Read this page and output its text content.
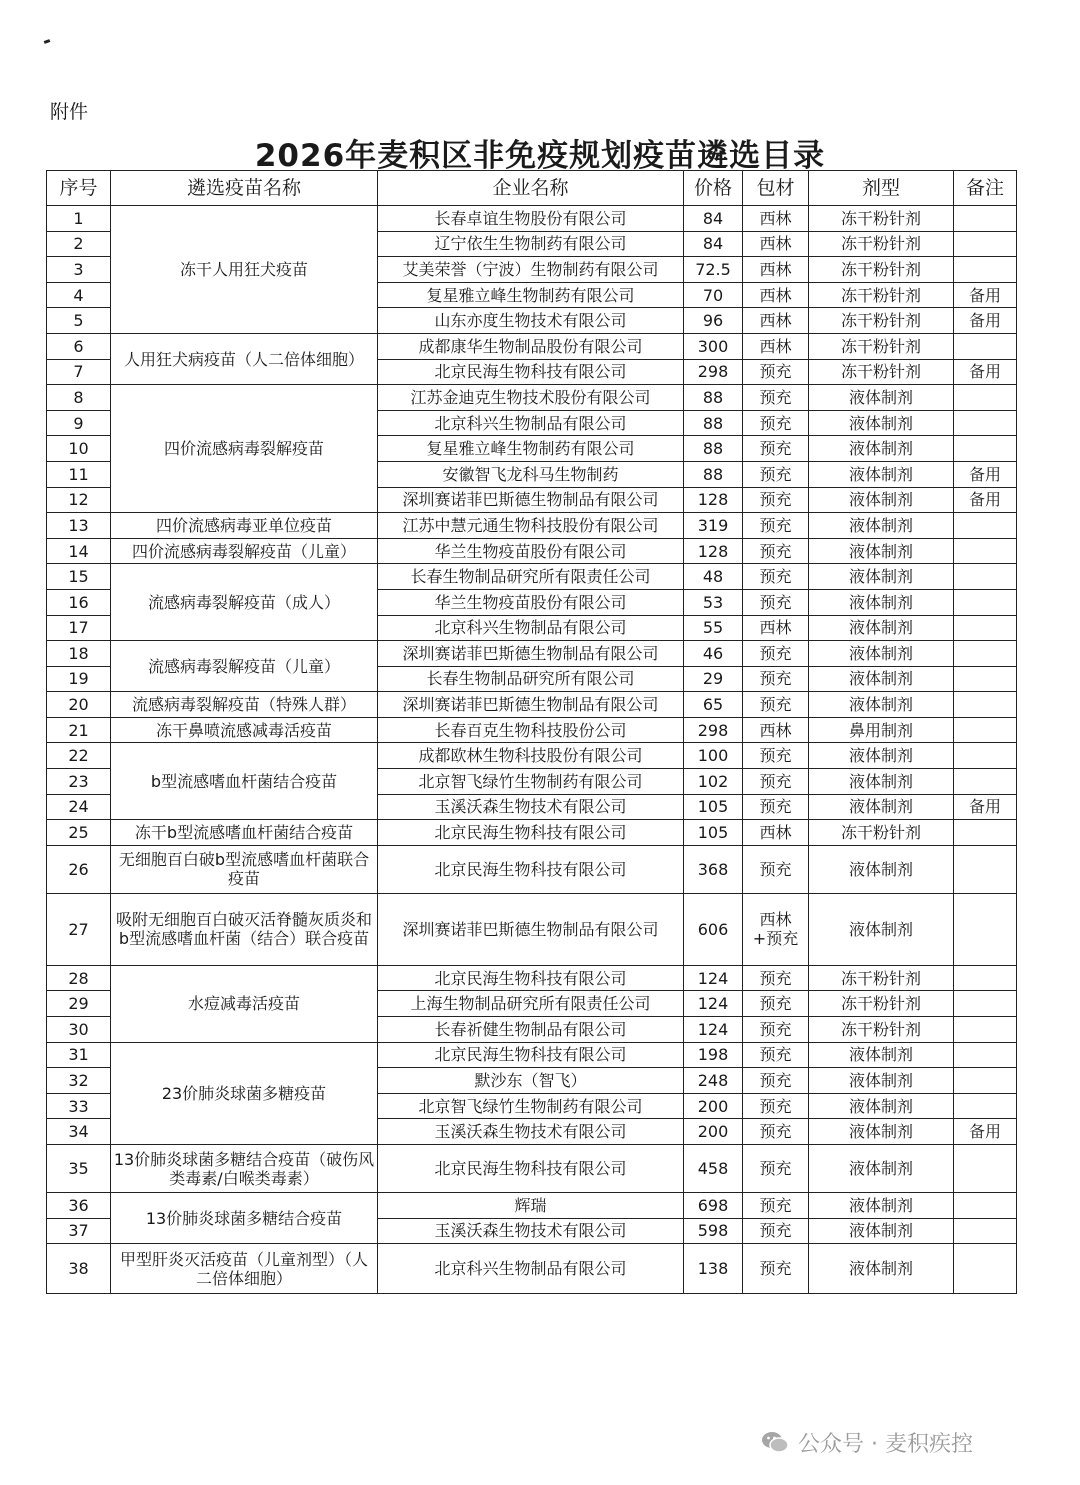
附件
2026年麦积区非免疫规划疫苗遴选目录
序号	遴选疫苗名称	企业名称	价格	包材	剂型	备注
1	冻干人用狂犬疫苗	长春卓谊生物股份有限公司	84	西林	冻干粉针剂	
2		辽宁依生生物制药有限公司	84	西林	冻干粉针剂	
3		艾美荣誉（宁波）生物制药有限公司	72.5	西林	冻干粉针剂	
4		复星雅立峰生物制药有限公司	70	西林	冻干粉针剂	备用
5		山东亦度生物技术有限公司	96	西林	冻干粉针剂	备用
6	人用狂犬病疫苗（人二倍体细胞）	成都康华生物制品股份有限公司	300	西林	冻干粉针剂	
7		北京民海生物科技有限公司	298	预充	冻干粉针剂	备用
8	四价流感病毒裂解疫苗	江苏金迪克生物技术股份有限公司	88	预充	液体制剂	
9		北京科兴生物制品有限公司	88	预充	液体制剂	
10		复星雅立峰生物制药有限公司	88	预充	液体制剂	
11		安徽智飞龙科马生物制药	88	预充	液体制剂	备用
12		深圳赛诺菲巴斯德生物制品有限公司	128	预充	液体制剂	备用
13	四价流感病毒亚单位疫苗	江苏中慧元通生物科技股份有限公司	319	预充	液体制剂	
14	四价流感病毒裂解疫苗（儿童）	华兰生物疫苗股份有限公司	128	预充	液体制剂	
15	流感病毒裂解疫苗（成人）	长春生物制品研究所有限责任公司	48	预充	液体制剂	
16		华兰生物疫苗股份有限公司	53	预充	液体制剂	
17		北京科兴生物制品有限公司	55	西林	液体制剂	
18	流感病毒裂解疫苗（儿童）	深圳赛诺菲巴斯德生物制品有限公司	46	预充	液体制剂	
19		长春生物制品研究所有限公司	29	预充	液体制剂	
20	流感病毒裂解疫苗（特殊人群）	深圳赛诺菲巴斯德生物制品有限公司	65	预充	液体制剂	
21	冻干鼻喷流感减毒活疫苗	长春百克生物科技股份公司	298	西林	鼻用制剂	
22	b型流感嗜血杆菌结合疫苗	成都欧林生物科技股份有限公司	100	预充	液体制剂	
23		北京智飞绿竹生物制药有限公司	102	预充	液体制剂	
24		玉溪沃森生物技术有限公司	105	预充	液体制剂	备用
25	冻干b型流感嗜血杆菌结合疫苗	北京民海生物科技有限公司	105	西林	冻干粉针剂	
26	无细胞百白破b型流感嗜血杆菌联合疫苗	北京民海生物科技有限公司	368	预充	液体制剂	
27	吸附无细胞百白破灭活脊髓灰质炎和b型流感嗜血杆菌（结合）联合疫苗	深圳赛诺菲巴斯德生物制品有限公司	606	西林+预充	液体制剂	
28	水痘减毒活疫苗	北京民海生物科技有限公司	124	预充	冻干粉针剂	
29		上海生物制品研究所有限责任公司	124	预充	冻干粉针剂	
30		长春祈健生物制品有限公司	124	预充	冻干粉针剂	
31	23价肺炎球菌多糖疫苗	北京民海生物科技有限公司	198	预充	液体制剂	
32		默沙东（智飞）	248	预充	液体制剂	
33		北京智飞绿竹生物制药有限公司	200	预充	液体制剂	
34		玉溪沃森生物技术有限公司	200	预充	液体制剂	备用
35	13价肺炎球菌多糖结合疫苗（破伤风类毒素/白喉类毒素）	北京民海生物科技有限公司	458	预充	液体制剂	
36	13价肺炎球菌多糖结合疫苗	辉瑞	698	预充	液体制剂	
37		玉溪沃森生物技术有限公司	598	预充	液体制剂	
38	甲型肝炎灭活疫苗（儿童剂型）（人二倍体细胞）	北京科兴生物制品有限公司	138	预充	液体制剂	
公众号 · 麦积疾控
